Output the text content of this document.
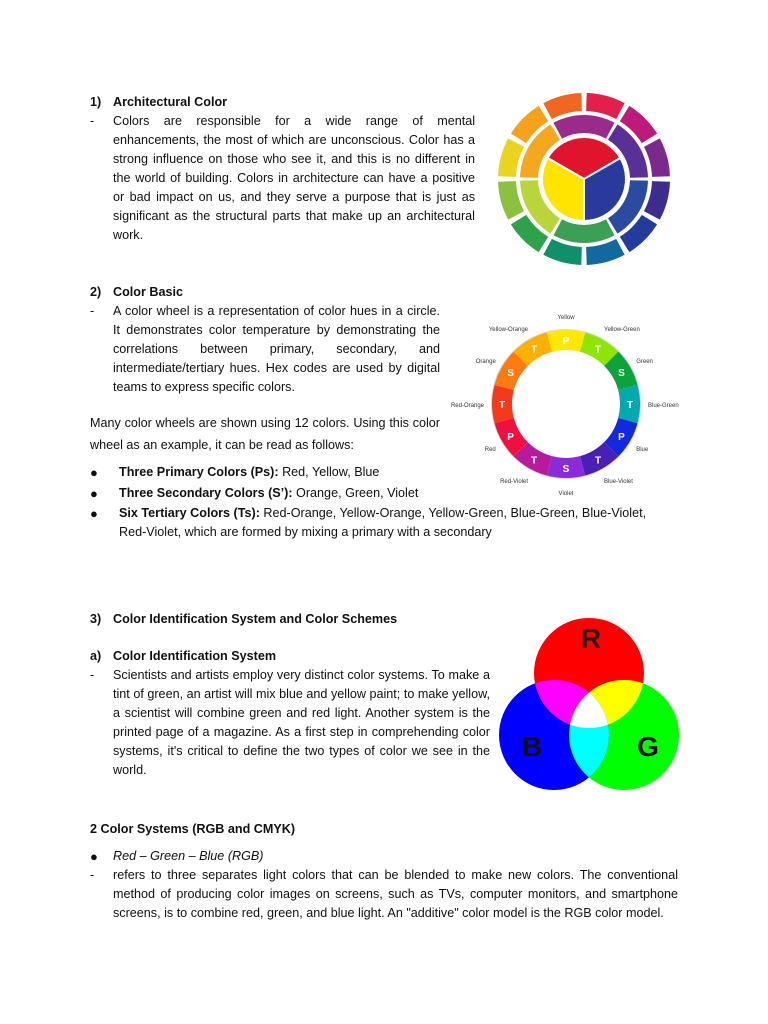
1) Architectural Color
- Colors are responsible for a wide range of mental enhancements, the most of which are unconscious. Color has a strong influence on those who see it, and this is no different in the world of building. Colors in architecture can have a positive or bad impact on us, and they serve a purpose that is just as significant as the structural parts that make up an architectural work.
2) Color Basic
- A color wheel is a representation of color hues in a circle. It demonstrates color temperature by demonstrating the correlations between primary, secondary, and intermediate/tertiary hues. Hex codes are used by digital teams to express specific colors.
Many color wheels are shown using 12 colors. Using this color wheel as an example, it can be read as follows:
● Three Primary Colors (Ps): Red, Yellow, Blue
● Three Secondary Colors (S’): Orange, Green, Violet
● Six Tertiary Colors (Ts): Red-Orange, Yellow-Orange, Yellow-Green, Blue-Green, Blue-Violet, Red-Violet, which are formed by mixing a primary with a secondary
P
T
S
T
P
T
S
T
P
T
S
T
Yellow
Yellow-Green
Green
Blue-Green
Blue
Blue-Violet
Violet
Red-Violet
Red
Red-Orange
Orange
Yellow-Orange
3) Color Identification System and Color Schemes
a) Color Identification System
- Scientists and artists employ very distinct color systems. To make a tint of green, an artist will mix blue and yellow paint; to make yellow, a scientist will combine green and red light. Another system is the printed page of a magazine. As a first step in comprehending color systems, it's critical to define the two types of color we see in the world.
R
B	G
2 Color Systems (RGB and CMYK)
● Red – Green – Blue (RGB)
- refers to three separates light colors that can be blended to make new colors. The conventional method of producing color images on screens, such as TVs, computer monitors, and smartphone screens, is to combine red, green, and blue light. An "additive" color model is the RGB color model.
